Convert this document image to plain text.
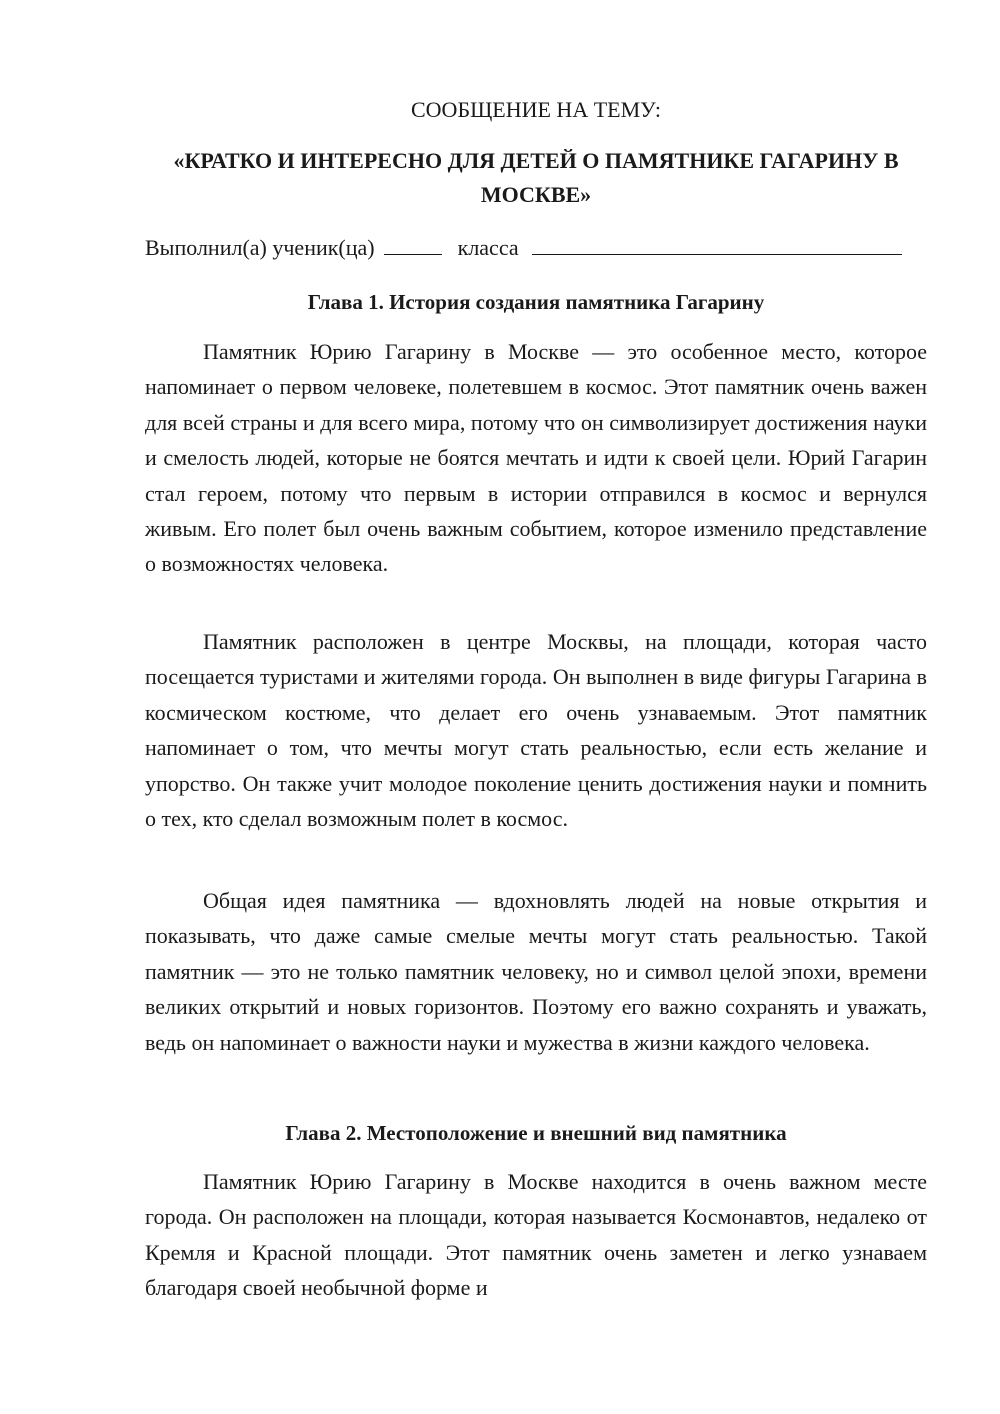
СООБЩЕНИЕ НА ТЕМУ:
«КРАТКО И ИНТЕРЕСНО ДЛЯ ДЕТЕЙ О ПАМЯТНИКЕ ГАГАРИНУ В МОСКВЕ»
Выполнил(а) ученик(ца)	класса
Глава 1. История создания памятника Гагарину

Памятник Юрию Гагарину в Москве — это особенное место, которое напоминает о первом человеке, полетевшем в космос. Этот памятник очень важен для всей страны и для всего мира, потому что он символизирует достижения науки и смелость людей, которые не боятся мечтать и идти к своей цели. Юрий Гагарин стал героем, потому что первым в истории отправился в космос и вернулся живым. Его полет был очень важным событием, которое изменило представление о возможностях человека.

Памятник расположен в центре Москвы, на площади, которая часто посещается туристами и жителями города. Он выполнен в виде фигуры Гагарина в космическом костюме, что делает его очень узнаваемым. Этот памятник напоминает о том, что мечты могут стать реальностью, если есть желание и упорство. Он также учит молодое поколение ценить достижения науки и помнить о тех, кто сделал возможным полет в космос.

Общая идея памятника — вдохновлять людей на новые открытия и показывать, что даже самые смелые мечты могут стать реальностью. Такой памятник — это не только памятник человеку, но и символ целой эпохи, времени великих открытий и новых горизонтов. Поэтому его важно сохранять и уважать, ведь он напоминает о важности науки и мужества в жизни каждого человека.

Глава 2. Местоположение и внешний вид памятника

Памятник Юрию Гагарину в Москве находится в очень важном месте города. Он расположен на площади, которая называется Космонавтов, недалеко от Кремля и Красной площади. Этот памятник очень заметен и легко узнаваем благодаря своей необычной форме и
